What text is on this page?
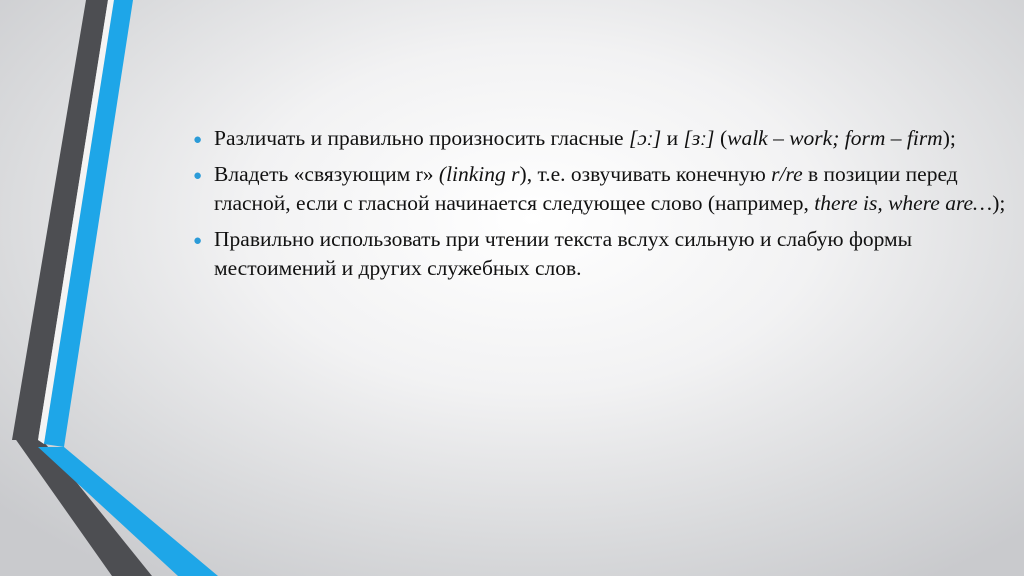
● Различать и правильно произносить гласные [ɔː] и [ɜː] (walk – work; form – firm);
● Владеть «связующим r» (linking r), т.е. озвучивать конечную r/re в позиции перед гласной, если с гласной начинается следующее слово (например, there is, where are…);
● Правильно использовать при чтении текста вслух сильную и слабую формы местоимений и других служебных слов.
